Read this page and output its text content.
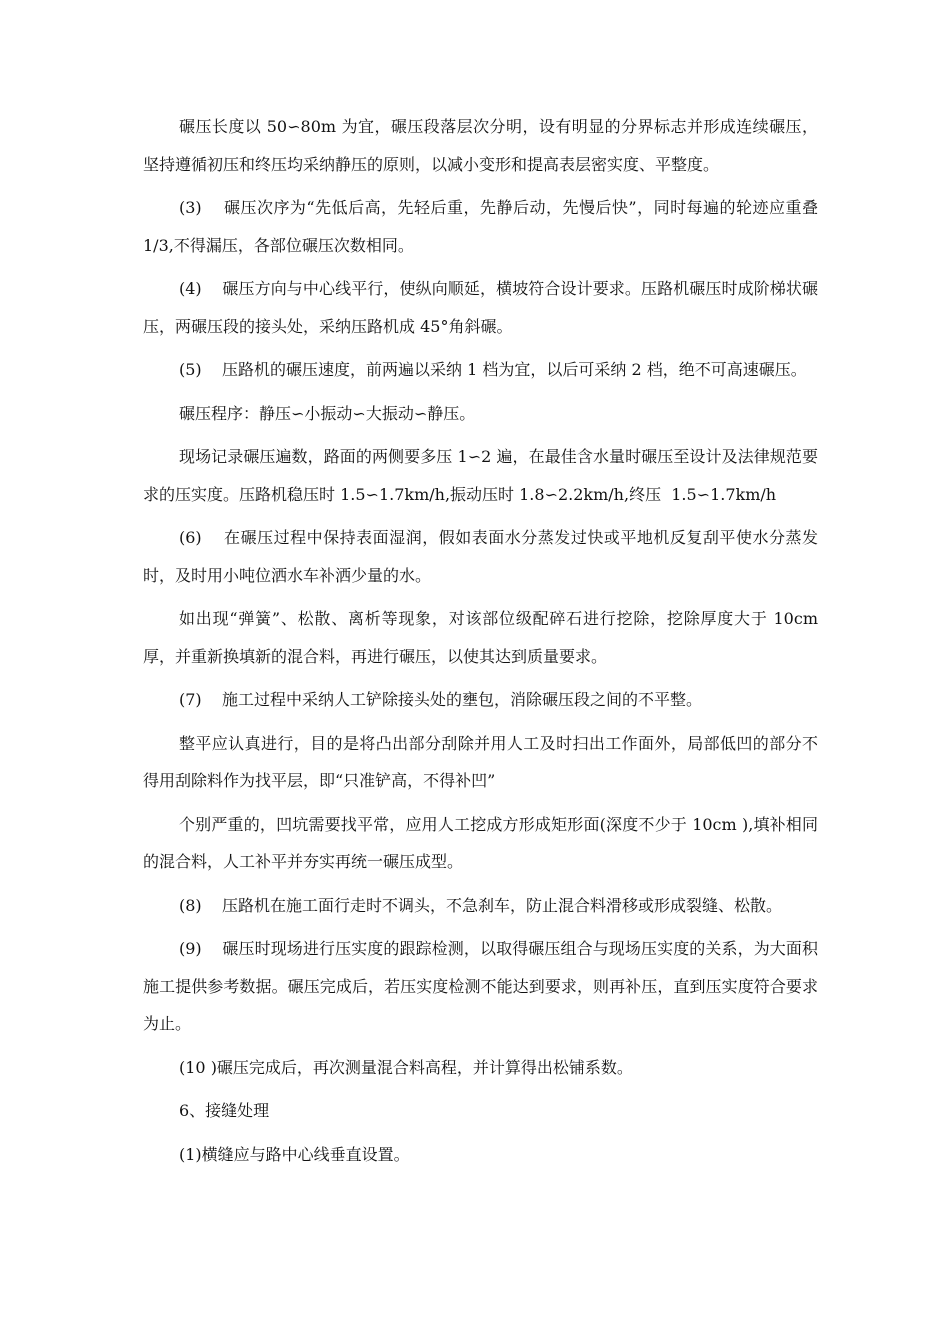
碾压长度以 50∽80m 为宜，碾压段落层次分明，设有明显的分界标志并形成连续碾压，坚持遵循初压和终压均采纳静压的原则，以减小变形和提高表层密实度、平整度。

(3)    碾压次序为“先低后高，先轻后重，先静后动，先慢后快”，同时每遍的轮迹应重叠 1/3,不得漏压，各部位碾压次数相同。

(4)    碾压方向与中心线平行，使纵向顺延，横坡符合设计要求。压路机碾压时成阶梯状碾压，两碾压段的接头处，采纳压路机成 45°角斜碾。

(5)    压路机的碾压速度，前两遍以采纳 1 档为宜，以后可采纳 2 档，绝不可高速碾压。

碾压程序：静压∽小振动∽大振动∽静压。

现场记录碾压遍数，路面的两侧要多压 1∽2 遍，在最佳含水量时碾压至设计及法律规范要求的压实度。压路机稳压时 1.5∽1.7km/h,振动压时 1.8∽2.2km/h,终压  1.5∽1.7km/h

(6)    在碾压过程中保持表面湿润，假如表面水分蒸发过快或平地机反复刮平使水分蒸发时，及时用小吨位洒水车补洒少量的水。

如出现“弹簧”、松散、离析等现象，对该部位级配碎石进行挖除，挖除厚度大于 10cm 厚，并重新换填新的混合料，再进行碾压，以使其达到质量要求。

(7)    施工过程中采纳人工铲除接头处的壅包，消除碾压段之间的不平整。

整平应认真进行，目的是将凸出部分刮除并用人工及时扫出工作面外，局部低凹的部分不得用刮除料作为找平层，即“只准铲高，不得补凹”

个别严重的，凹坑需要找平常，应用人工挖成方形成矩形面(深度不少于 10cm ),填补相同的混合料，人工补平并夯实再统一碾压成型。

(8)    压路机在施工面行走时不调头，不急刹车，防止混合料滑移或形成裂缝、松散。

(9)    碾压时现场进行压实度的跟踪检测，以取得碾压组合与现场压实度的关系，为大面积施工提供参考数据。碾压完成后，若压实度检测不能达到要求，则再补压，直到压实度符合要求为止。

(10 )碾压完成后，再次测量混合料高程，并计算得出松铺系数。

6、接缝处理

(1)横缝应与路中心线垂直设置。
